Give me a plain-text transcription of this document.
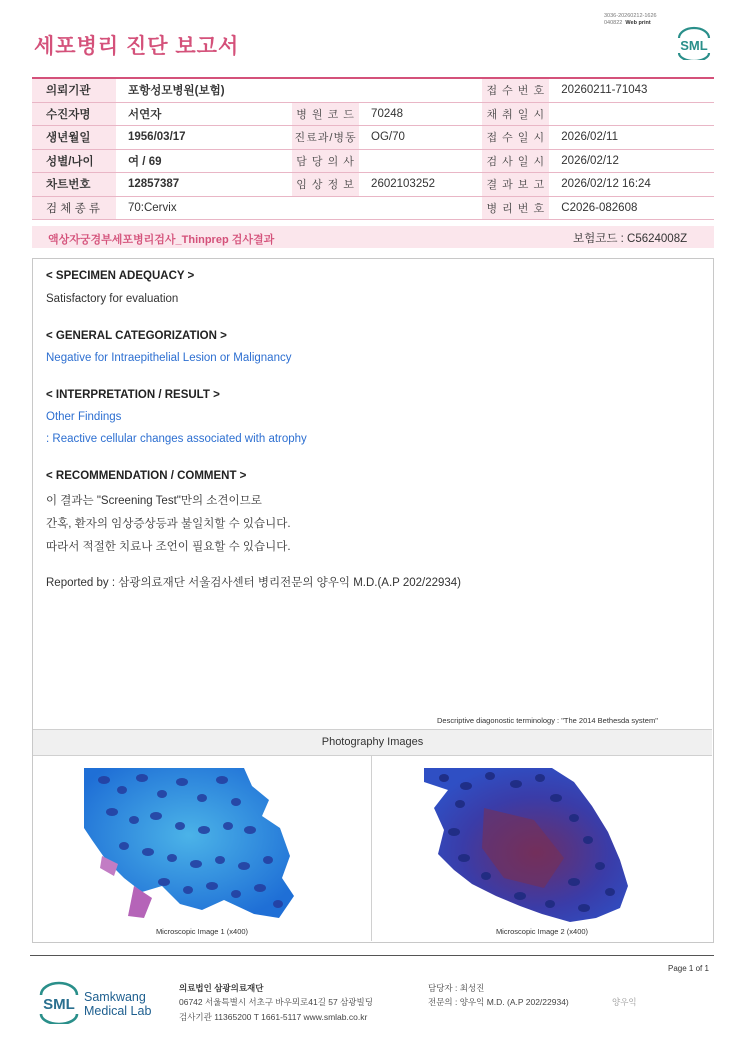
세포병리 진단 보고서
3036-20260212-1626
040822 Web print
SML
의뢰기관	포항성모병원(보험)			접 수 번 호	20260211-71043
수진자명	서연자	병 원 코 드	70248	채 취 일 시	
생년월일	1956/03/17	진료과/병동	OG/70	접 수 일 시	2026/02/11
성별/나이	여 / 69	담 당 의 사		검 사 일 시	2026/02/12
차트번호	12857387	임 상 정 보	2602103252	결 과 보 고	2026/02/12 16:24
검 체 종 류	70:Cervix			병 리 번 호	C2026-082608
액상자궁경부세포병리검사_Thinprep 검사결과	보험코드 : C5624008Z
< SPECIMEN ADEQUACY >
Satisfactory for evaluation
< GENERAL CATEGORIZATION >
Negative for Intraepithelial Lesion or Malignancy
< INTERPRETATION / RESULT >
Other Findings
: Reactive cellular changes associated with atrophy
< RECOMMENDATION / COMMENT >
이 결과는 "Screening Test"만의 소견이므로
간혹, 환자의 임상증상등과 불일치할 수 있습니다.
따라서 적절한 치료나 조언이 필요할 수 있습니다.
Reported by : 삼광의료재단 서울검사센터 병리전문의 양우익 M.D.(A.P 202/22934)
Descriptive diagonostic terminology : "The 2014 Bethesda system"
Photography Images
Microscopic Image 1 (x400)	Microscopic Image 2 (x400)
Page 1 of 1
SML Samkwang
Medical Lab
의료법인 삼광의료재단
06742 서울특별시 서초구 바우뫼로41길 57 삼광빌딩
검사기관 11365200 T 1661-5117 www.smlab.co.kr
담당자 : 최성진
전문의 : 양우익 M.D. (A.P 202/22934)	양우익
